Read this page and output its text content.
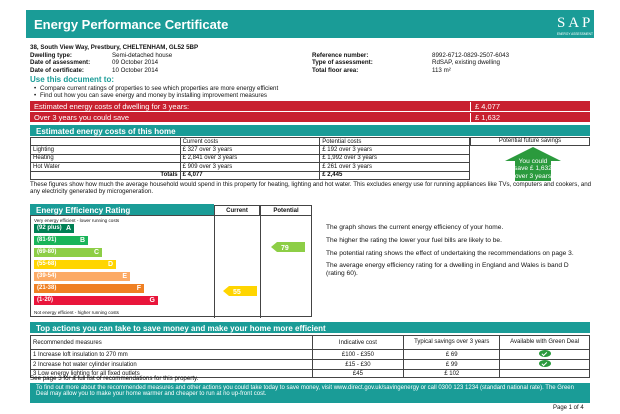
Energy Performance Certificate	S A P
ENERGY ASSESSMENT
38, South View Way, Prestbury, CHELTENHAM, GL52 5BP
Dwelling type:	Semi-detached house	Reference number:	8992-6712-0829-2507-6043
Date of assessment:	09 October 2014	Type of assessment:	RdSAP, existing dwelling
Date of certificate:	10 October 2014	Total floor area:	113 m²
Use this document to:
• Compare current ratings of properties to see which properties are more energy efficient
• Find out how you can save energy and money by installing improvement measures
Estimated energy costs of dwelling for 3 years:	£ 4,077
Over 3 years you could save	£ 1,632
Estimated energy costs of this home
	Current costs	Potential costs
Lighting	£ 327 over 3 years	£ 192 over 3 years
Heating	£ 2,841 over 3 years	£ 1,992 over 3 years
Hot Water	£ 909 over 3 years	£ 261 over 3 years
Totals	£ 4,077	£ 2,445
Potential future savings
You could
save £ 1,632
over 3 years
These figures show how much the average household would spend in this property for heating, lighting and hot water. This excludes energy use for running appliances like TVs, computers and cookers, and any electricity generated by microgeneration.
Energy Efficiency Rating	Current	Potential
Very energy efficient - lower running costs
(92 plus) A
(81-91)	B
(69-80)	C
(55-68)	D
(39-54)	E
(21-38)	F
(1-20)	G
Not energy efficient - higher running costs
55
79
The graph shows the current energy efficiency of your home.
The higher the rating the lower your fuel bills are likely to be.
The potential rating shows the effect of undertaking the recommendations on page 3.
The average energy efficiency rating for a dwelling in England and Wales is band D (rating 60).
Top actions you can take to save money and make your home more efficient
Recommended measures	Indicative cost	Typical savings over 3 years	Available with Green Deal
1 Increase loft insulation to 270 mm	£100 - £350	£ 69	
2 Increase hot water cylinder insulation	£15 - £30	£ 99	
3 Low energy lighting for all fixed outlets	£45	£ 102	
See page 3 for a full list of recommendations for this property.
To find out more about the recommended measures and other actions you could take today to save money, visit www.direct.gov.uk/savingenergy or call 0300 123 1234 (standard national rate). The Green Deal may allow you to make your home warmer and cheaper to run at no up-front cost.
Page 1 of 4
